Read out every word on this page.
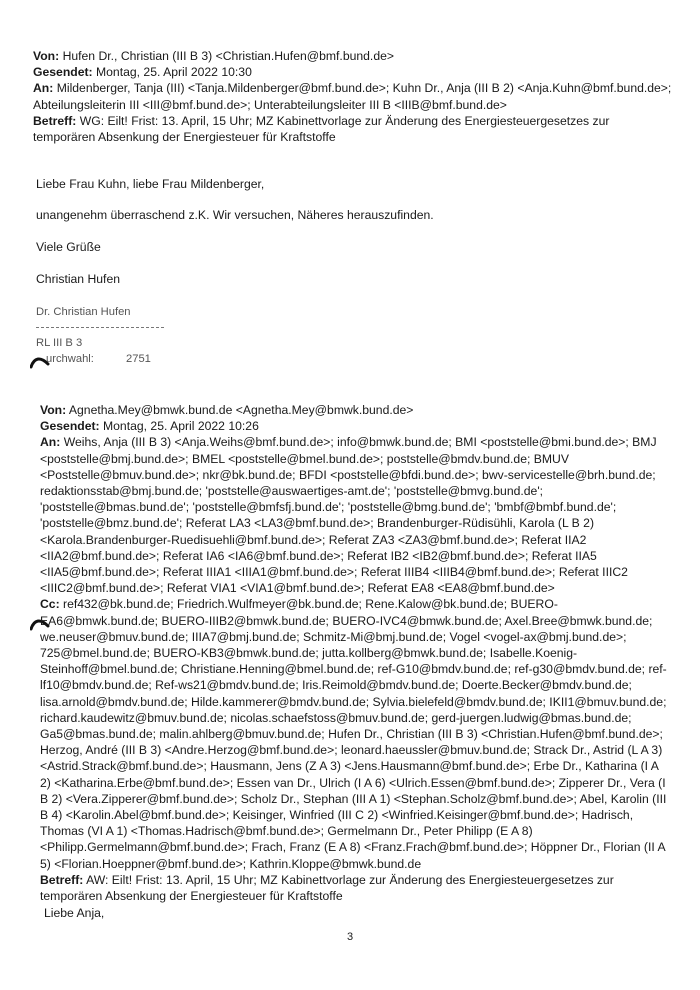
Von: Hufen Dr., Christian (III B 3) <Christian.Hufen@bmf.bund.de>

Gesendet: Montag, 25. April 2022 10:30

An: Mildenberger, Tanja (III) <Tanja.Mildenberger@bmf.bund.de>; Kuhn Dr., Anja (III B 2) <Anja.Kuhn@bmf.bund.de>; Abteilungsleiterin III <III@bmf.bund.de>; Unterabteilungsleiter III B <IIIB@bmf.bund.de>

Betreff: WG: Eilt! Frist: 13. April, 15 Uhr; MZ Kabinettvorlage zur Änderung des Energiesteuergesetzes zur temporären Absenkung der Energiesteuer für Kraftstoffe

Liebe Frau Kuhn, liebe Frau Mildenberger,
unangenehm überraschend z.K. Wir versuchen, Näheres herauszufinden.
Viele Grüße
Christian Hufen
Dr. Christian Hufen
RL III B 3
urchwahl:	2751

Von: Agnetha.Mey@bmwk.bund.de <Agnetha.Mey@bmwk.bund.de>

Gesendet: Montag, 25. April 2022 10:26

An: Weihs, Anja (III B 3) <Anja.Weihs@bmf.bund.de>; info@bmwk.bund.de; BMI <poststelle@bmi.bund.de>; BMJ <poststelle@bmj.bund.de>; BMEL <poststelle@bmel.bund.de>; poststelle@bmdv.bund.de; BMUV <Poststelle@bmuv.bund.de>; nkr@bk.bund.de; BFDI <poststelle@bfdi.bund.de>; bwv-servicestelle@brh.bund.de; redaktionsstab@bmj.bund.de; 'poststelle@auswaertiges-amt.de'; 'poststelle@bmvg.bund.de'; 'poststelle@bmas.bund.de'; 'poststelle@bmfsfj.bund.de'; 'poststelle@bmg.bund.de'; 'bmbf@bmbf.bund.de'; 'poststelle@bmz.bund.de'; Referat LA3 <LA3@bmf.bund.de>; Brandenburger-Rüdisühli, Karola (L B 2) <Karola.Brandenburger-Ruedisuehli@bmf.bund.de>; Referat ZA3 <ZA3@bmf.bund.de>; Referat IIA2 <IIA2@bmf.bund.de>; Referat IA6 <IA6@bmf.bund.de>; Referat IB2 <IB2@bmf.bund.de>; Referat IIA5 <IIA5@bmf.bund.de>; Referat IIIA1 <IIIA1@bmf.bund.de>; Referat IIIB4 <IIIB4@bmf.bund.de>; Referat IIIC2 <IIIC2@bmf.bund.de>; Referat VIA1 <VIA1@bmf.bund.de>; Referat EA8 <EA8@bmf.bund.de>

Cc: ref432@bk.bund.de; Friedrich.Wulfmeyer@bk.bund.de; Rene.Kalow@bk.bund.de; BUERO-EA6@bmwk.bund.de; BUERO-IIIB2@bmwk.bund.de; BUERO-IVC4@bmwk.bund.de; Axel.Bree@bmwk.bund.de; we.neuser@bmuv.bund.de; IIIA7@bmj.bund.de; Schmitz-Mi@bmj.bund.de; Vogel <vogel-ax@bmj.bund.de>; 725@bmel.bund.de; BUERO-KB3@bmwk.bund.de; jutta.kollberg@bmwk.bund.de; Isabelle.Koenig-Steinhoff@bmel.bund.de; Christiane.Henning@bmel.bund.de; ref-G10@bmdv.bund.de; ref-g30@bmdv.bund.de; ref-lf10@bmdv.bund.de; Ref-ws21@bmdv.bund.de; Iris.Reimold@bmdv.bund.de; Doerte.Becker@bmdv.bund.de; lisa.arnold@bmdv.bund.de; Hilde.kammerer@bmdv.bund.de; Sylvia.bielefeld@bmdv.bund.de; IKII1@bmuv.bund.de; richard.kaudewitz@bmuv.bund.de; nicolas.schaefstoss@bmuv.bund.de; gerd-juergen.ludwig@bmas.bund.de; Ga5@bmas.bund.de; malin.ahlberg@bmuv.bund.de; Hufen Dr., Christian (III B 3) <Christian.Hufen@bmf.bund.de>; Herzog, André (III B 3) <Andre.Herzog@bmf.bund.de>; leonard.haeussler@bmuv.bund.de; Strack Dr., Astrid (L A 3) <Astrid.Strack@bmf.bund.de>; Hausmann, Jens (Z A 3) <Jens.Hausmann@bmf.bund.de>; Erbe Dr., Katharina (I A 2) <Katharina.Erbe@bmf.bund.de>; Essen van Dr., Ulrich (I A 6) <Ulrich.Essen@bmf.bund.de>; Zipperer Dr., Vera (I B 2) <Vera.Zipperer@bmf.bund.de>; Scholz Dr., Stephan (III A 1) <Stephan.Scholz@bmf.bund.de>; Abel, Karolin (III B 4) <Karolin.Abel@bmf.bund.de>; Keisinger, Winfried (III C 2) <Winfried.Keisinger@bmf.bund.de>; Hadrisch, Thomas (VI A 1) <Thomas.Hadrisch@bmf.bund.de>; Germelmann Dr., Peter Philipp (E A 8) <Philipp.Germelmann@bmf.bund.de>; Frach, Franz (E A 8) <Franz.Frach@bmf.bund.de>; Höppner Dr., Florian (II A 5) <Florian.Hoeppner@bmf.bund.de>; Kathrin.Kloppe@bmwk.bund.de

Betreff: AW: Eilt! Frist: 13. April, 15 Uhr; MZ Kabinettvorlage zur Änderung des Energiesteuergesetzes zur temporären Absenkung der Energiesteuer für Kraftstoffe

Liebe Anja,
3
